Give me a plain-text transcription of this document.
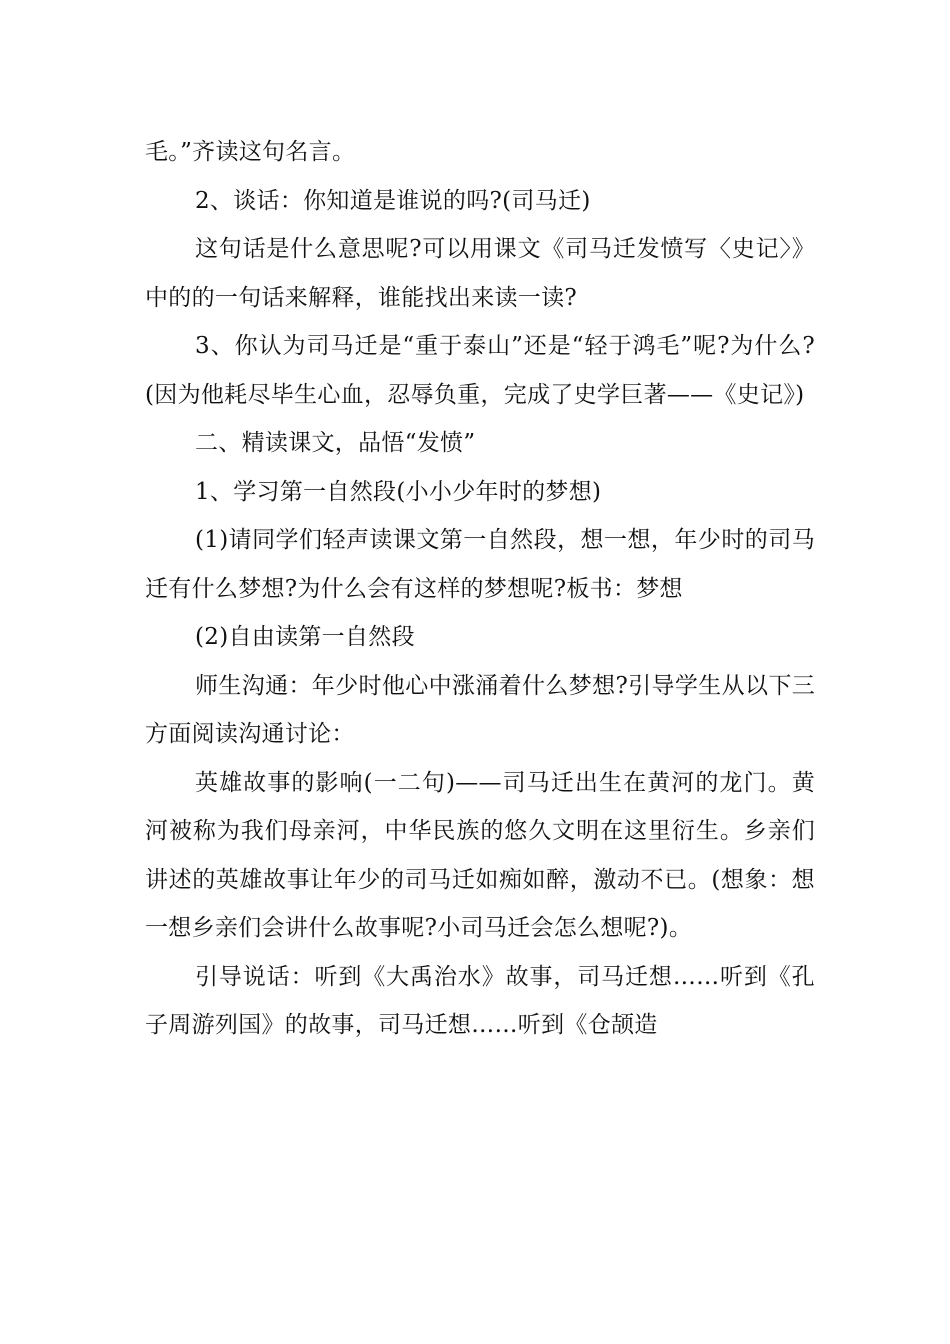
毛。”齐读这句名言。

2、谈话：你知道是谁说的吗?(司马迁)

这句话是什么意思呢?可以用课文《司马迁发愤写〈史记〉》中的的一句话来解释，谁能找出来读一读?

3、你认为司马迁是“重于泰山”还是“轻于鸿毛”呢?为什么?(因为他耗尽毕生心血，忍辱负重，完成了史学巨著——《史记》)

二、精读课文，品悟“发愤”

1、学习第一自然段(小小少年时的梦想)

(1)请同学们轻声读课文第一自然段，想一想，年少时的司马迁有什么梦想?为什么会有这样的梦想呢?板书：梦想

(2)自由读第一自然段

师生沟通：年少时他心中涨涌着什么梦想?引导学生从以下三方面阅读沟通讨论：

英雄故事的影响(一二句)——司马迁出生在黄河的龙门。黄河被称为我们母亲河，中华民族的悠久文明在这里衍生。乡亲们讲述的英雄故事让年少的司马迁如痴如醉，激动不已。(想象：想一想乡亲们会讲什么故事呢?小司马迁会怎么想呢?)。

引导说话：听到《大禹治水》故事，司马迁想……听到《孔子周游列国》的故事，司马迁想……听到《仓颉造
